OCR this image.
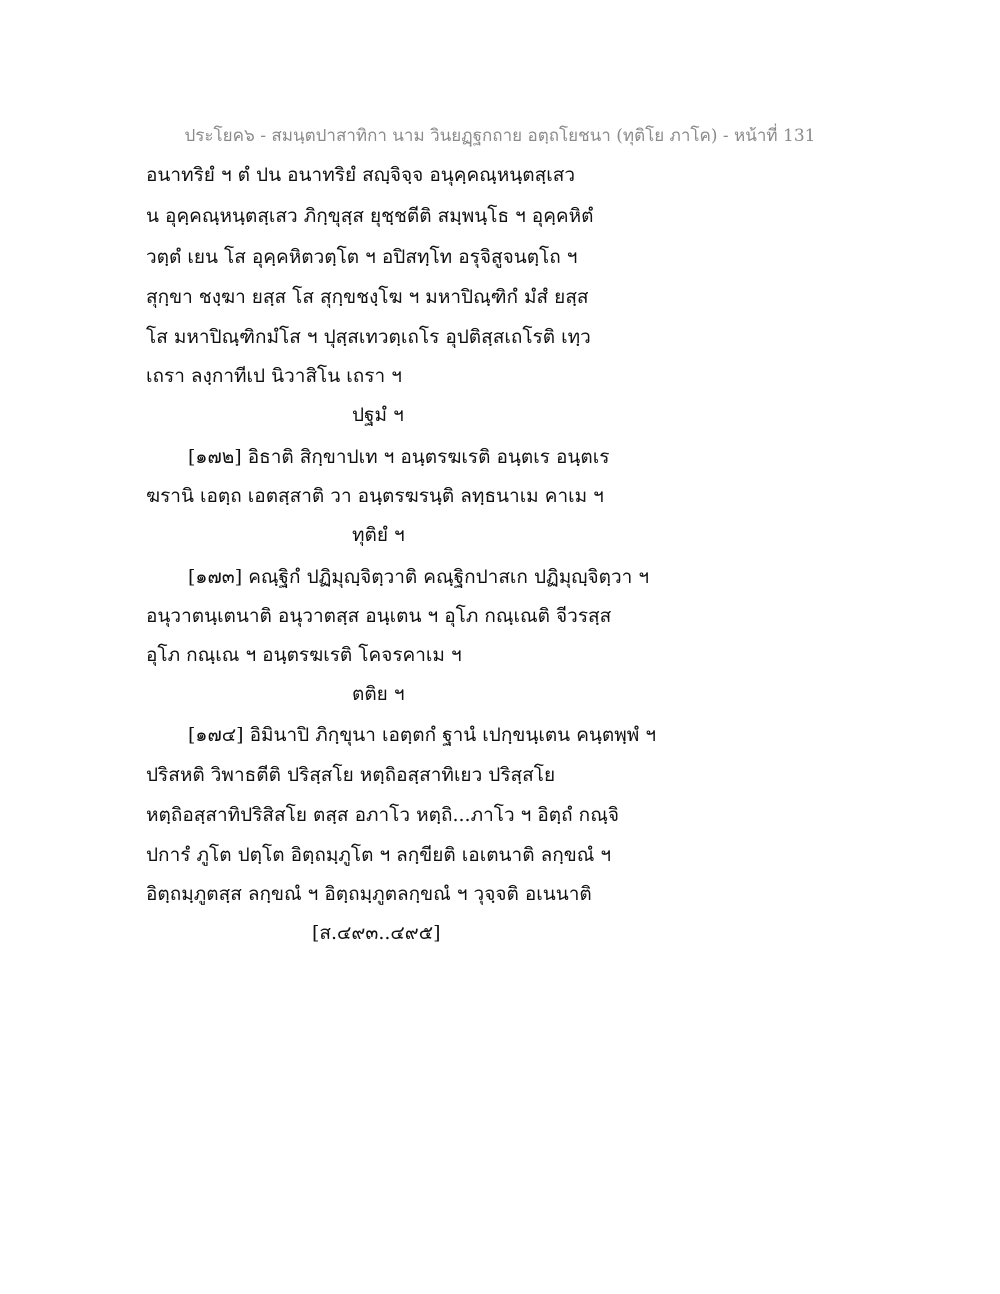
ประโยค๖ - สมนฺตปาสาทิกา นาม วินยฏฺฐกถาย อตฺถโยชนา (ทุติโย ภาโค) - หน้าที่ 131
อนาทริยํ ฯ ตํ ปน อนาทริยํ สญฺจิจฺจ อนุคฺคณฺหนฺตสฺเสว
น อุคฺคณฺหนฺตสฺเสว ภิกฺขุสฺส ยุชฺชตีติ สมฺพนฺโธ ฯ อุคฺคหิตํ
วตฺตํ เยน โส อุคฺคหิตวตฺโต ฯ อปิสทฺโท อรุจิสูจนตฺโถ ฯ
สุกฺขา ชงฺฆา ยสฺส โส สุกฺขชงฺโฆ ฯ มหาปิณฺฑิกํ มํสํ ยสฺส
โส มหาปิณฺฑิกมํโส ฯ ปุสฺสเทวตฺเถโร อุปติสฺสเถโรติ เทฺว
เถรา ลงฺกาทีเป นิวาสิโน เถรา ฯ
ปฐมํ ฯ
[๑๗๒] อิธาติ สิกฺขาปเท ฯ อนฺตรฆเรติ อนฺตเร อนฺตเร
ฆรานิ เอตฺถ เอตสฺสาติ วา อนฺตรฆรนฺติ ลทฺธนาเม คาเม ฯ
ทุติยํ ฯ
[๑๗๓] คณฺฐิกํ ปฏิมุญฺจิตฺวาติ คณฺฐิกปาสเก ปฏิมุญฺจิตฺวา ฯ
อนุวาตนฺเตนาติ อนุวาตสฺส อนฺเตน ฯ อุโภ กณฺเณติ จีวรสฺส
อุโภ กณฺเณ ฯ อนฺตรฆเรติ โคจรคาเม ฯ
ตติย ฯ
[๑๗๔] อิมินาปิ ภิกฺขุนา เอตฺตกํ ฐานํ เปกฺขนฺเตน คนฺตพฺพํ ฯ
ปริสหติ วิพาธตีติ ปริสฺสโย หตฺถิอสฺสาทิเยว ปริสฺสโย
หตฺถิอสฺสาทิปริสิสโย ตสฺส อภาโว หตฺถิ...ภาโว ฯ อิตฺถํ กณฺจิ
ปการํ ภูโต ปตฺโต อิตฺถมฺภูโต ฯ ลกฺขียติ เอเตนาติ ลกฺขณํ ฯ
อิตฺถมฺภูตสฺส ลกฺขณํ ฯ อิตฺถมฺภูตลกฺขณํ ฯ วุจฺจติ อเนนาติ
[ส.๔๙๓..๔๙๕]
